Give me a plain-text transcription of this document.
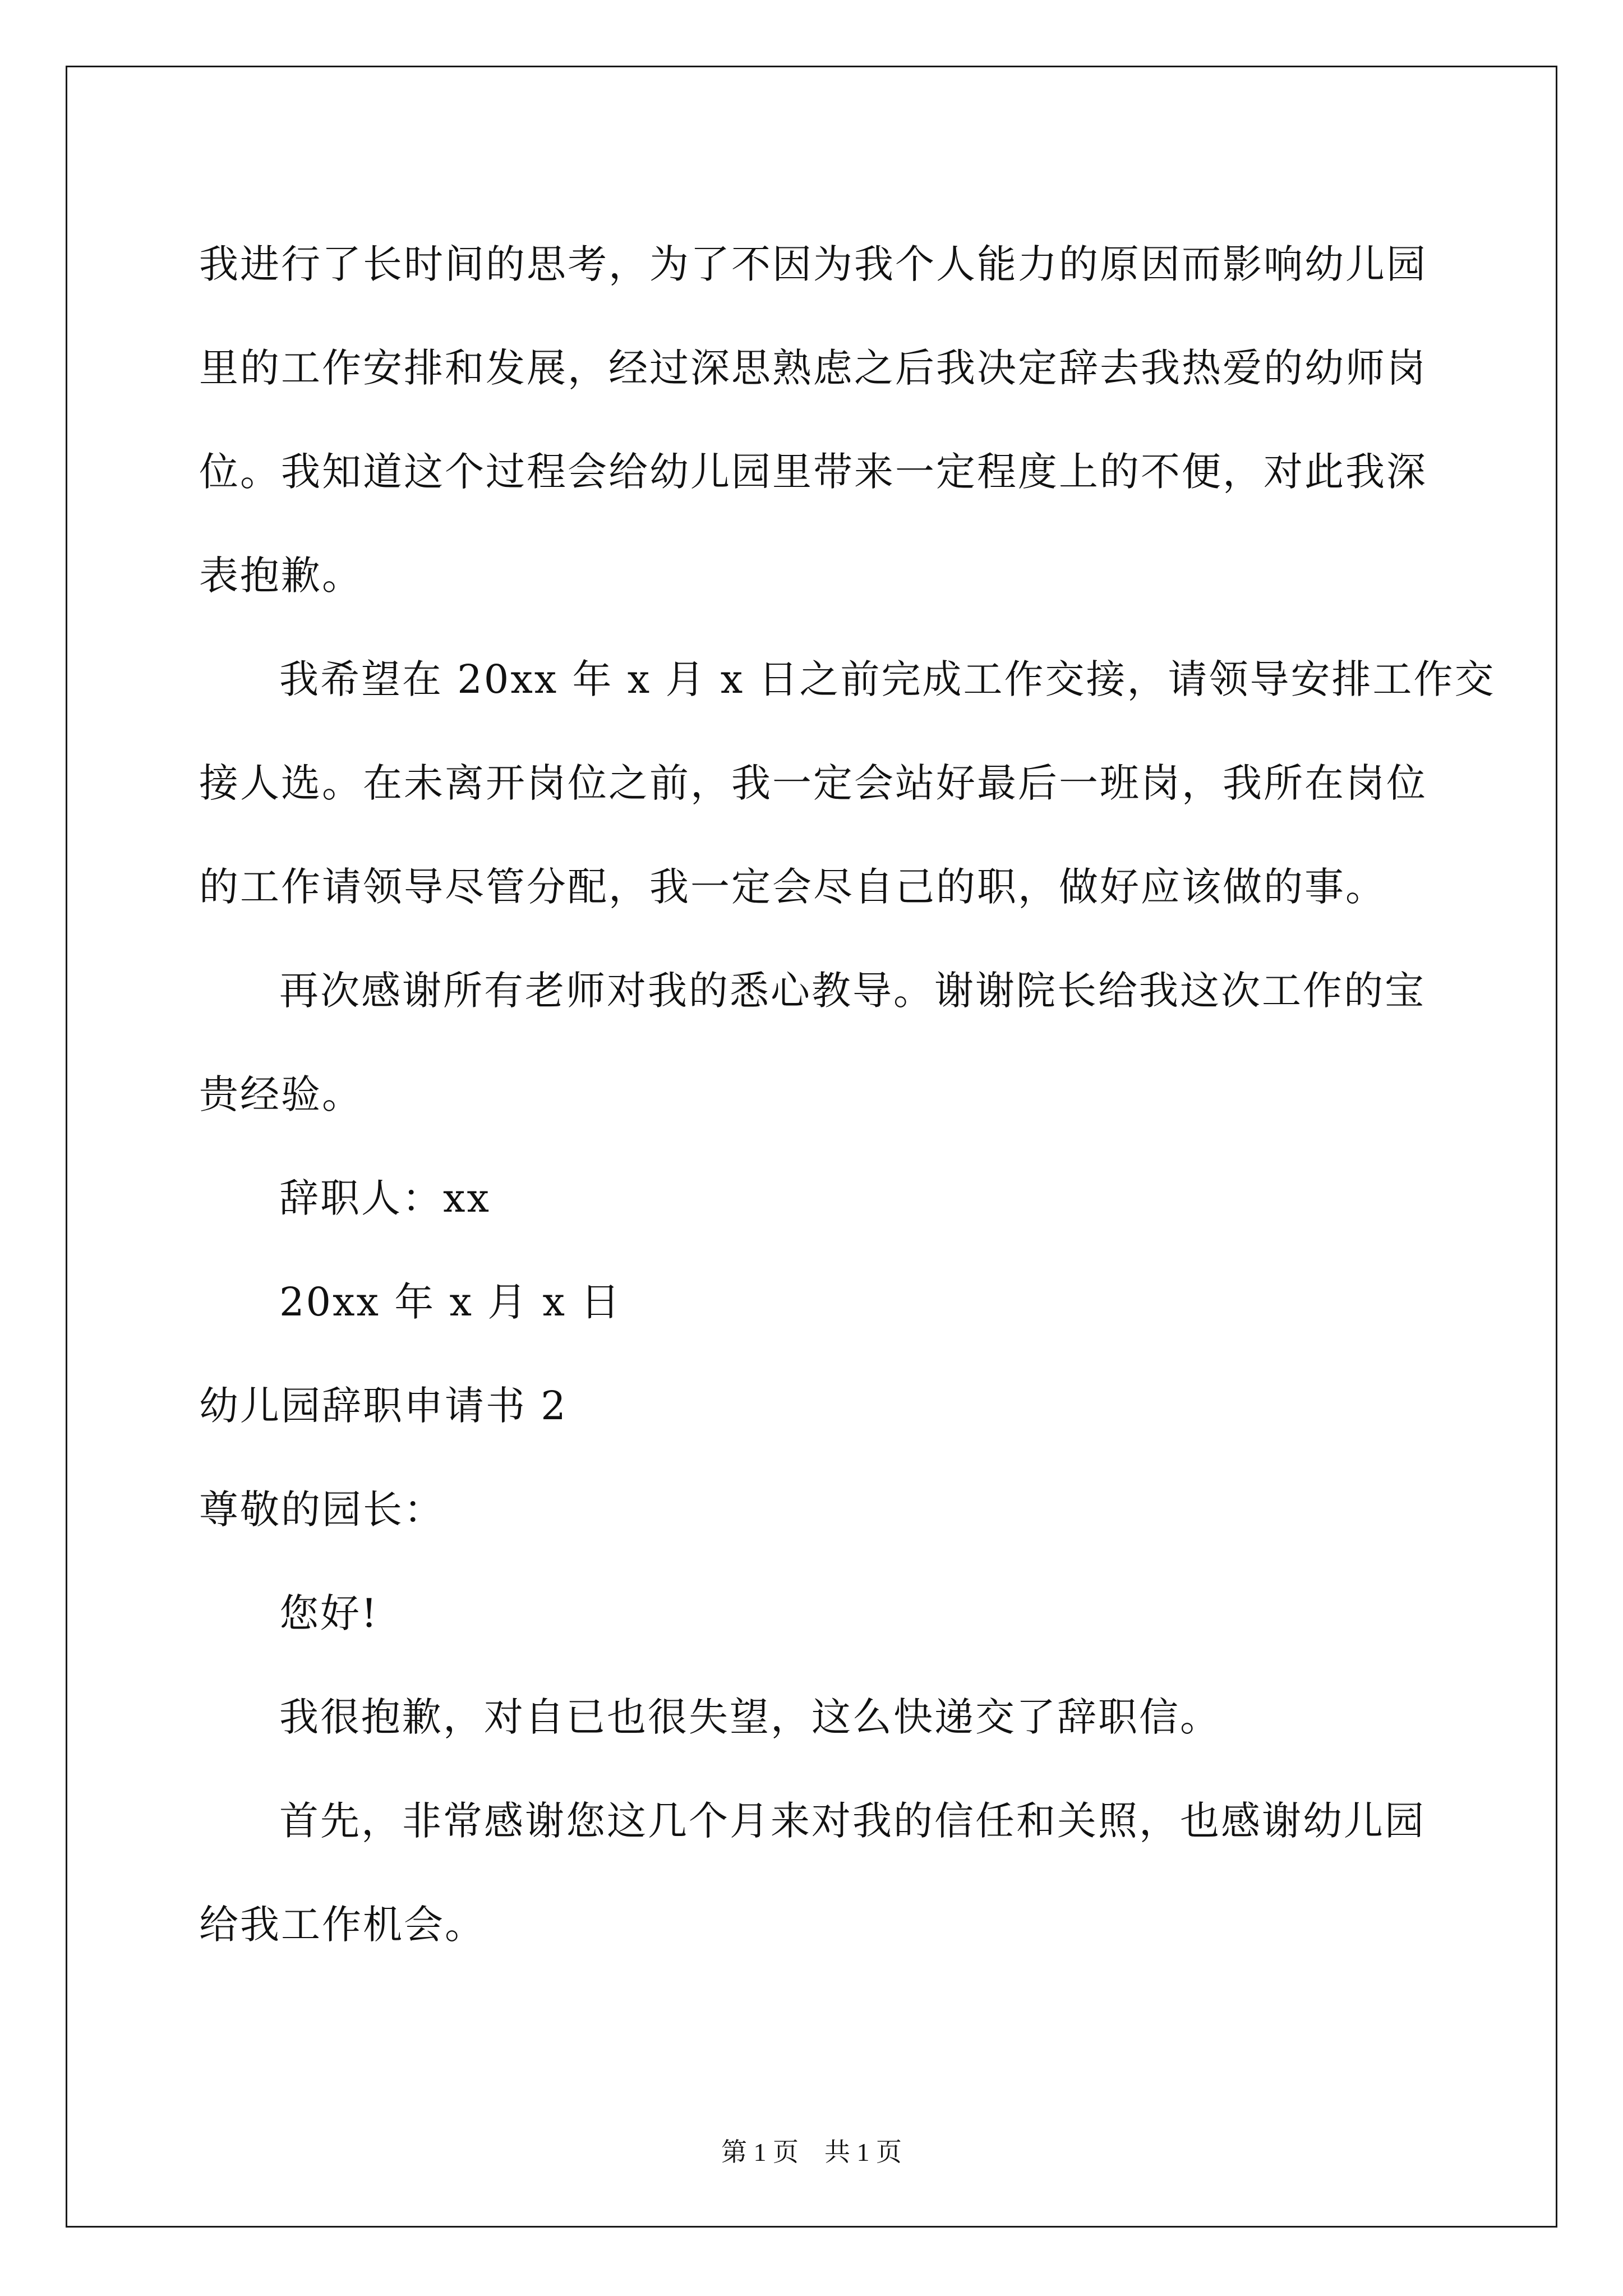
我进行了长时间的思考，为了不因为我个人能力的原因而影响幼儿园
里的工作安排和发展，经过深思熟虑之后我决定辞去我热爱的幼师岗
位。我知道这个过程会给幼儿园里带来一定程度上的不便，对此我深
表抱歉。
我希望在 20xx 年 x 月 x 日之前完成工作交接，请领导安排工作交
接人选。在未离开岗位之前，我一定会站好最后一班岗，我所在岗位
的工作请领导尽管分配，我一定会尽自己的职，做好应该做的事。
再次感谢所有老师对我的悉心教导。谢谢院长给我这次工作的宝
贵经验。
辞职人：xx
20xx 年 x 月 x 日
幼儿园辞职申请书 2
尊敬的园长：
您好!
我很抱歉，对自已也很失望，这么快递交了辞职信。
首先，非常感谢您这几个月来对我的信任和关照，也感谢幼儿园
给我工作机会。
第 1 页　共 1 页
